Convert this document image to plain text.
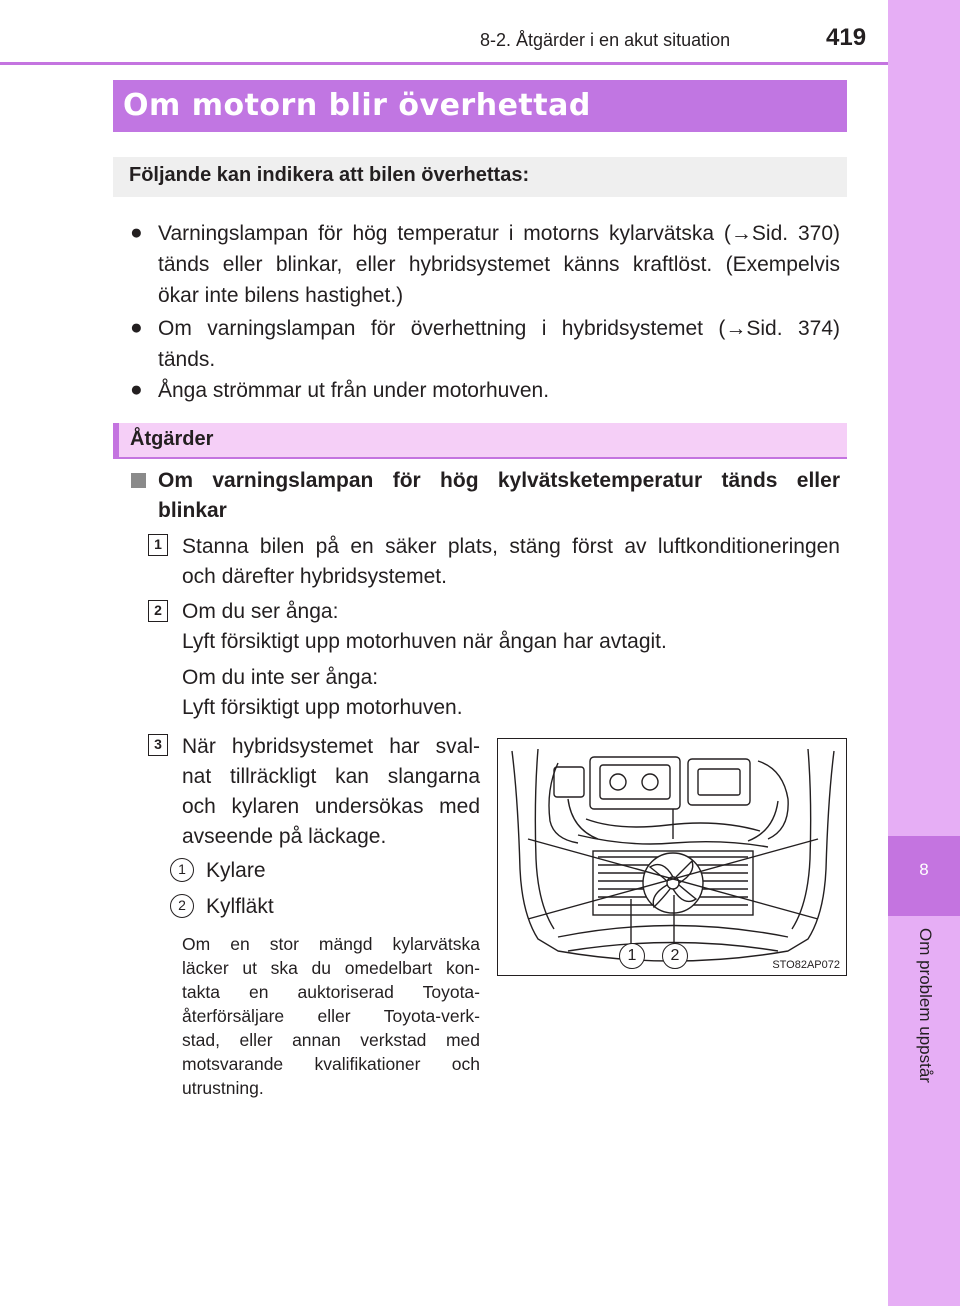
8
Om problem uppstår
8-2. Åtgärder i en akut situation	419
Om motorn blir överhettad
Följande kan indikera att bilen överhettas:
● Varningslampan för hög temperatur i motorns kylarvätska (→Sid. 370)
tänds eller blinkar, eller hybridsystemet känns kraftlöst. (Exempelvis
ökar inte bilens hastighet.)
● Om varningslampan för överhettning i hybridsystemet (→Sid. 374)
tänds.
● Ånga strömmar ut från under motorhuven.
Åtgärder
Om varningslampan för hög kylvätsketemperatur tänds eller
blinkar
1 Stanna bilen på en säker plats, stäng först av luftkonditioneringen
och därefter hybridsystemet.
2 Om du ser ånga:
Lyft försiktigt upp motorhuven när ångan har avtagit.
Om du inte ser ånga:
Lyft försiktigt upp motorhuven.
3 När hybridsystemet har sval-
nat tillräckligt kan slangarna
och kylaren undersökas med
avseende på läckage.
1 Kylare
2 Kylfläkt
Om en stor mängd kylarvätska
läcker ut ska du omedelbart kon-
takta en auktoriserad Toyota-
återförsäljare eller Toyota-verk-
stad, eller annan verkstad med
motsvarande kvalifikationer och
utrustning.
1	2
STO82AP072
